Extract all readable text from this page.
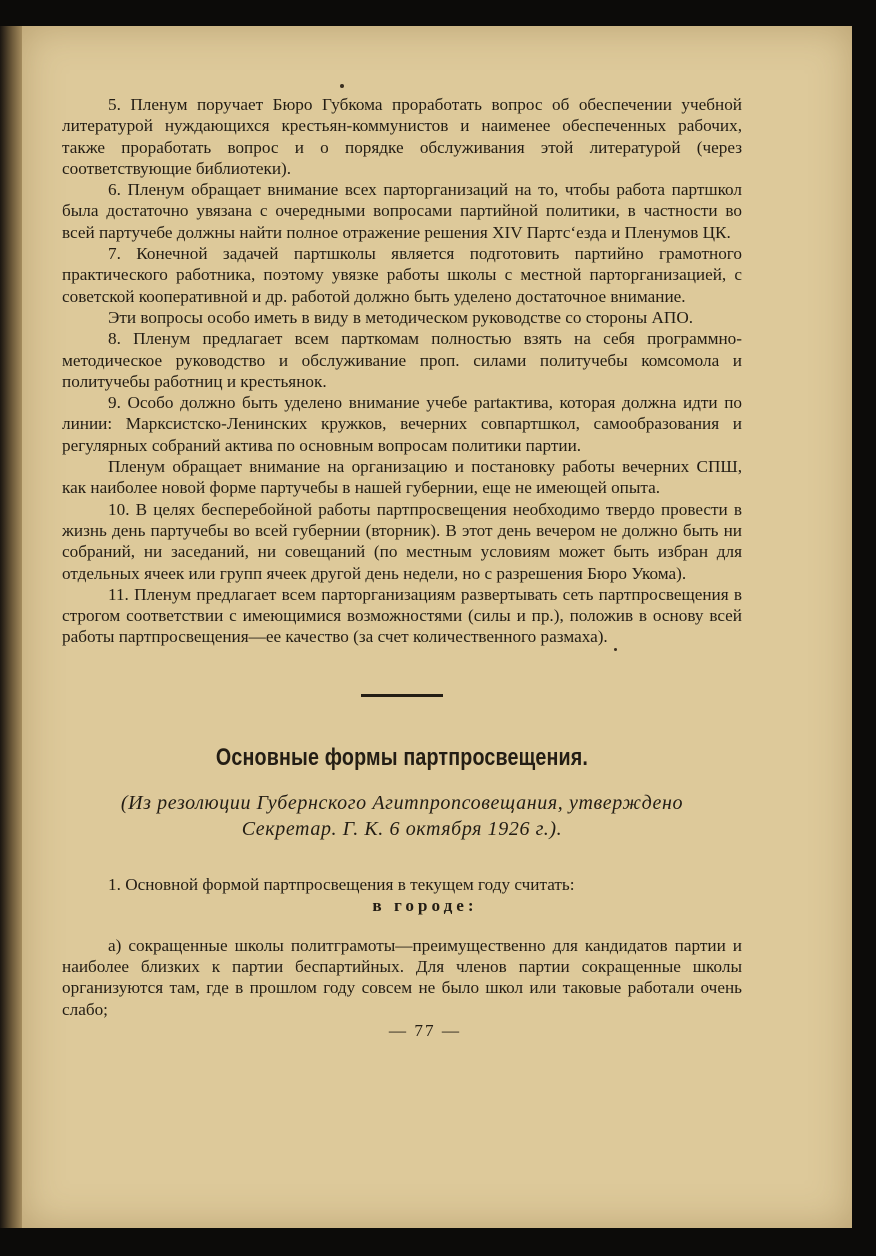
5. Пленум поручает Бюро Губкома проработать вопрос об обеспечении учебной литературой нуждающихся крестьян-коммунистов и наименее обеспеченных рабочих, также проработать вопрос и о порядке обслуживания этой литературой (через соответствующие библиотеки).

6. Пленум обращает внимание всех парторганизаций на то, чтобы работа партшкол была достаточно увязана с очередными вопросами партийной политики, в частности во всей партучебе должны найти полное отражение решения XIV Партс‘езда и Пленумов ЦК.

7. Конечной задачей партшколы является подготовить партийно грамотного практического работника, поэтому увязке работы школы с местной парторганизацией, с советской кооперативной и др. работой должно быть уделено достаточное внимание.

Эти вопросы особо иметь в виду в методическом руководстве со стороны АПО.

8. Пленум предлагает всем парткомам полностью взять на себя программно-методическое руководство и обслуживание проп. силами политучебы комсомола и политучебы работниц и крестьянок.

9. Особо должно быть уделено внимание учебе partактива, которая должна идти по линии: Марксистско-Ленинских кружков, вечерних совпартшкол, самообразования и регулярных собраний актива по основным вопросам политики партии.

Пленум обращает внимание на организацию и постановку работы вечерних СПШ, как наиболее новой форме партучебы в нашей губернии, еще не имеющей опыта.

10. В целях бесперебойной работы партпросвещения необходимо твердо провести в жизнь день партучебы во всей губернии (вторник). В этот день вечером не должно быть ни собраний, ни заседаний, ни совещаний (по местным условиям может быть избран для отдельных ячеек или групп ячеек другой день недели, но с разрешения Бюро Укома).

11. Пленум предлагает всем парторганизациям развертывать сеть партпросвещения в строгом соответствии с имеющимися возможностями (силы и пр.), положив в основу всей работы партпросвещения—ее качество (за счет количественного размаха).

Основные формы партпросвещения.
(Из резолюции Губернского Агитпропсовещания, утверждено
Секретар. Г. К. 6 октября 1926 г.).

1. Основной формой партпросвещения в текущем году считать:

в городе:

а) сокращенные школы политграмоты—преимущественно для кандидатов партии и наиболее близких к партии беспартийных. Для членов партии сокращенные школы организуются там, где в прошлом году совсем не было школ или таковые работали очень слабо;

— 77 —
